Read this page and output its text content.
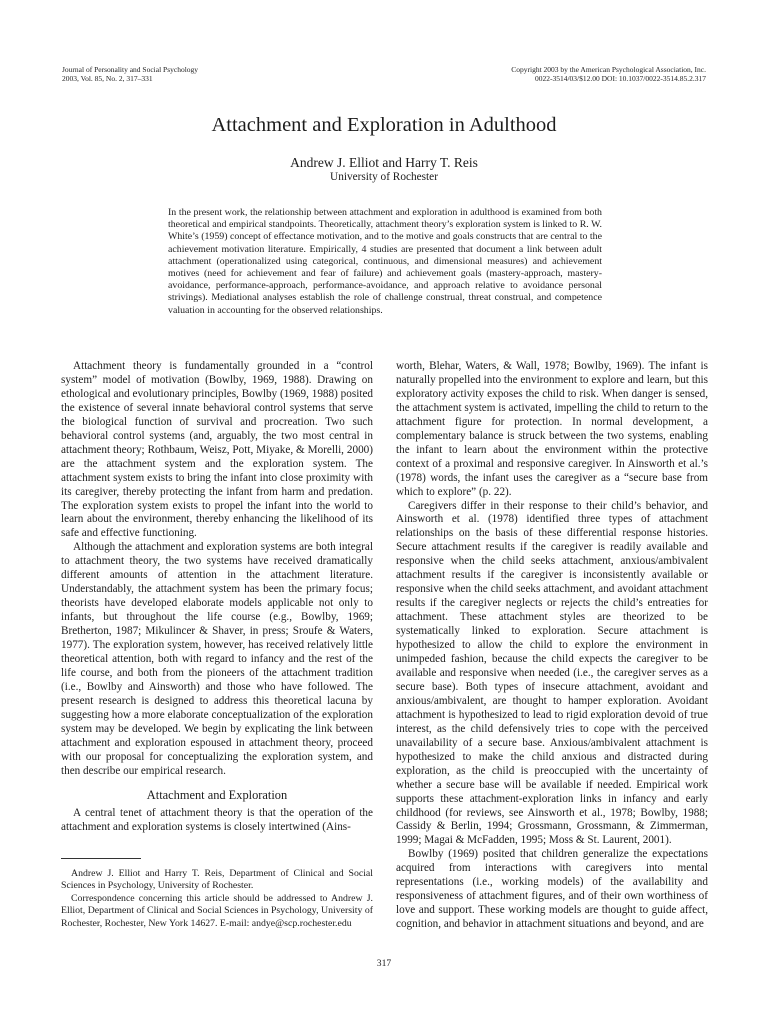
Journal of Personality and Social Psychology
2003, Vol. 85, No. 2, 317–331
Copyright 2003 by the American Psychological Association, Inc.
0022-3514/03/$12.00 DOI: 10.1037/0022-3514.85.2.317
Attachment and Exploration in Adulthood
Andrew J. Elliot and Harry T. Reis
University of Rochester
In the present work, the relationship between attachment and exploration in adulthood is examined from both theoretical and empirical standpoints. Theoretically, attachment theory’s exploration system is linked to R. W. White’s (1959) concept of effectance motivation, and to the motive and goals constructs that are central to the achievement motivation literature. Empirically, 4 studies are presented that document a link between adult attachment (operationalized using categorical, continuous, and dimensional measures) and achievement motives (need for achievement and fear of failure) and achievement goals (mastery-approach, mastery-avoidance, performance-approach, performance-avoidance, and approach relative to avoidance personal strivings). Mediational analyses establish the role of challenge construal, threat construal, and competence valuation in accounting for the observed relationships.

Attachment theory is fundamentally grounded in a “control system” model of motivation (Bowlby, 1969, 1988). Drawing on ethological and evolutionary principles, Bowlby (1969, 1988) posited the existence of several innate behavioral control systems that serve the biological function of survival and procreation. Two such behavioral control systems (and, arguably, the two most central in attachment theory; Rothbaum, Weisz, Pott, Miyake, & Morelli, 2000) are the attachment system and the exploration system. The attachment system exists to bring the infant into close proximity with its caregiver, thereby protecting the infant from harm and predation. The exploration system exists to propel the infant into the world to learn about the environment, thereby enhancing the likelihood of its safe and effective functioning.

Although the attachment and exploration systems are both integral to attachment theory, the two systems have received dramatically different amounts of attention in the attachment literature. Understandably, the attachment system has been the primary focus; theorists have developed elaborate models applicable not only to infants, but throughout the life course (e.g., Bowlby, 1969; Bretherton, 1987; Mikulincer & Shaver, in press; Sroufe & Waters, 1977). The exploration system, however, has received relatively little theoretical attention, both with regard to infancy and the rest of the life course, and both from the pioneers of the attachment tradition (i.e., Bowlby and Ainsworth) and those who have followed. The present research is designed to address this theoretical lacuna by suggesting how a more elaborate conceptualization of the exploration system may be developed. We begin by explicating the link between attachment and exploration espoused in attachment theory, proceed with our proposal for conceptualizing the exploration system, and then describe our empirical research.

Attachment and Exploration

A central tenet of attachment theory is that the operation of the attachment and exploration systems is closely intertwined (Ains-

worth, Blehar, Waters, & Wall, 1978; Bowlby, 1969). The infant is naturally propelled into the environment to explore and learn, but this exploratory activity exposes the child to risk. When danger is sensed, the attachment system is activated, impelling the child to return to the attachment figure for protection. In normal development, a complementary balance is struck between the two systems, enabling the infant to learn about the environment within the protective context of a proximal and responsive caregiver. In Ainsworth et al.’s (1978) words, the infant uses the caregiver as a “secure base from which to explore” (p. 22).

Caregivers differ in their response to their child’s behavior, and Ainsworth et al. (1978) identified three types of attachment relationships on the basis of these differential response histories. Secure attachment results if the caregiver is readily available and responsive when the child seeks attachment, anxious/ambivalent attachment results if the caregiver is inconsistently available or responsive when the child seeks attachment, and avoidant attachment results if the caregiver neglects or rejects the child’s entreaties for attachment. These attachment styles are theorized to be systematically linked to exploration. Secure attachment is hypothesized to allow the child to explore the environment in unimpeded fashion, because the child expects the caregiver to be available and responsive when needed (i.e., the caregiver serves as a secure base). Both types of insecure attachment, avoidant and anxious/ambivalent, are thought to hamper exploration. Avoidant attachment is hypothesized to lead to rigid exploration devoid of true interest, as the child defensively tries to cope with the perceived unavailability of a secure base. Anxious/ambivalent attachment is hypothesized to make the child anxious and distracted during exploration, as the child is preoccupied with the uncertainty of whether a secure base will be available if needed. Empirical work supports these attachment-exploration links in infancy and early childhood (for reviews, see Ainsworth et al., 1978; Bowlby, 1988; Cassidy & Berlin, 1994; Grossmann, Grossmann, & Zimmerman, 1999; Magai & McFadden, 1995; Moss & St. Laurent, 2001).

Bowlby (1969) posited that children generalize the expectations acquired from interactions with caregivers into mental representations (i.e., working models) of the availability and responsiveness of attachment figures, and of their own worthiness of love and support. These working models are thought to guide affect, cognition, and behavior in attachment situations and beyond, and are

Andrew J. Elliot and Harry T. Reis, Department of Clinical and Social Sciences in Psychology, University of Rochester.

Correspondence concerning this article should be addressed to Andrew J. Elliot, Department of Clinical and Social Sciences in Psychology, University of Rochester, Rochester, New York 14627. E-mail: andye@scp.rochester.edu

317
